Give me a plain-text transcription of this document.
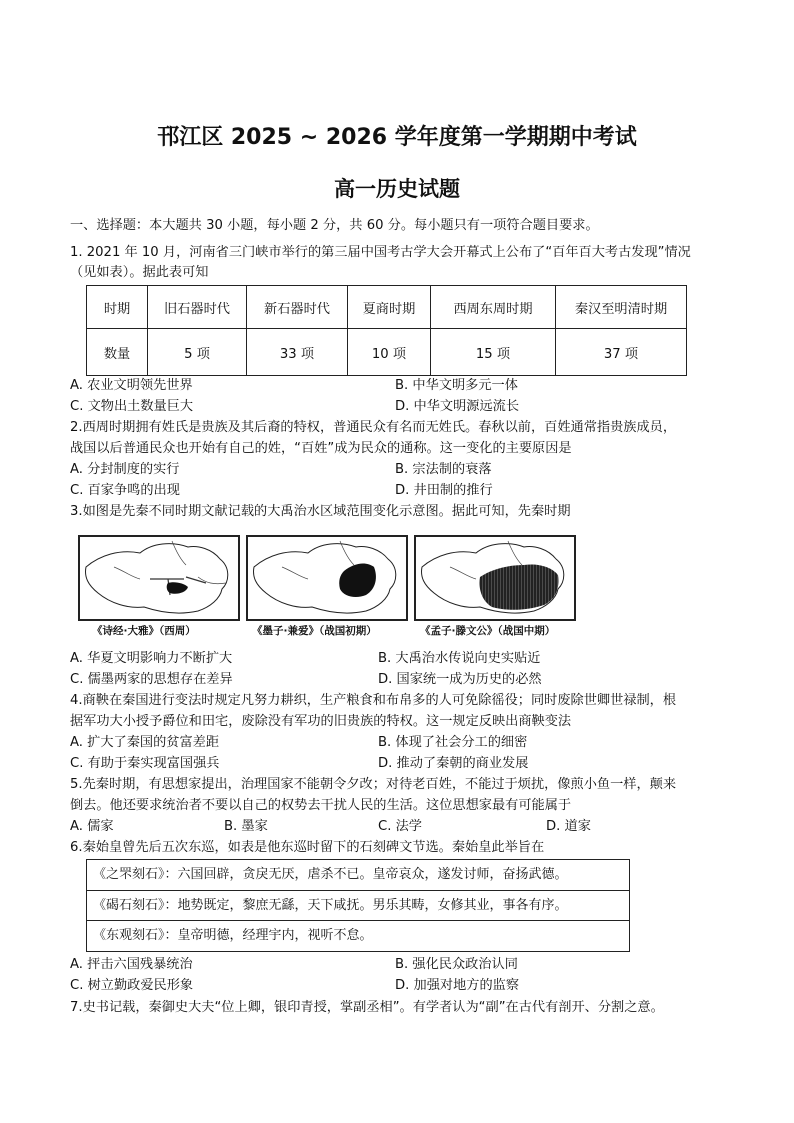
邗江区 2025 ~ 2026 学年度第一学期期中考试
高一历史试题
一、选择题：本大题共 30 小题，每小题 2 分，共 60 分。每小题只有一项符合题目要求。
1. 2021 年 10 月，河南省三门峡市举行的第三届中国考古学大会开幕式上公布了“百年百大考古发现”情况
（见如表）。据此表可知
时期	旧石器时代	新石器时代	夏商时期	西周东周时期	秦汉至明清时期
数量	5 项	33 项	10 项	15 项	37 项
A. 农业文明领先世界	B. 中华文明多元一体
C. 文物出土数量巨大	D. 中华文明源远流长
2.西周时期拥有姓氏是贵族及其后裔的特权，普通民众有名而无姓氏。春秋以前，百姓通常指贵族成员，
战国以后普通民众也开始有自己的姓，“百姓”成为民众的通称。这一变化的主要原因是
A. 分封制度的实行	B. 宗法制的衰落
C. 百家争鸣的出现	D. 井田制的推行
3.如图是先秦不同时期文献记载的大禹治水区域范围变化示意图。据此可知，先秦时期
《诗经·大雅》（西周）	《墨子·兼爱》（战国初期）	《孟子·滕文公》（战国中期）
A. 华夏文明影响力不断扩大	B. 大禹治水传说向史实贴近
C. 儒墨两家的思想存在差异	D. 国家统一成为历史的必然
4.商鞅在秦国进行变法时规定凡努力耕织，生产粮食和布帛多的人可免除徭役；同时废除世卿世禄制，根
据军功大小授予爵位和田宅，废除没有军功的旧贵族的特权。这一规定反映出商鞅变法
A. 扩大了秦国的贫富差距	B. 体现了社会分工的细密
C. 有助于秦实现富国强兵	D. 推动了秦朝的商业发展
5.先秦时期，有思想家提出，治理国家不能朝令夕改；对待老百姓，不能过于烦扰，像煎小鱼一样，颠来
倒去。他还要求统治者不要以自己的权势去干扰人民的生活。这位思想家最有可能属于
A. 儒家	B. 墨家	C. 法学	D. 道家
6.秦始皇曾先后五次东巡，如表是他东巡时留下的石刻碑文节选。秦始皇此举旨在
《之罘刻石》：六国回辟，贪戾无厌，虐杀不已。皇帝哀众，遂发讨师，奋扬武德。
《碣石刻石》：地势既定，黎庶无繇，天下咸抚。男乐其畴，女修其业，事各有序。
《东观刻石》：皇帝明德，经理宇内，视听不怠。
A. 抨击六国残暴统治	B. 强化民众政治认同
C. 树立勤政爱民形象	D. 加强对地方的监察
7.史书记载，秦御史大夫“位上卿，银印青授，掌副丞相”。有学者认为“副”在古代有剖开、分割之意。
